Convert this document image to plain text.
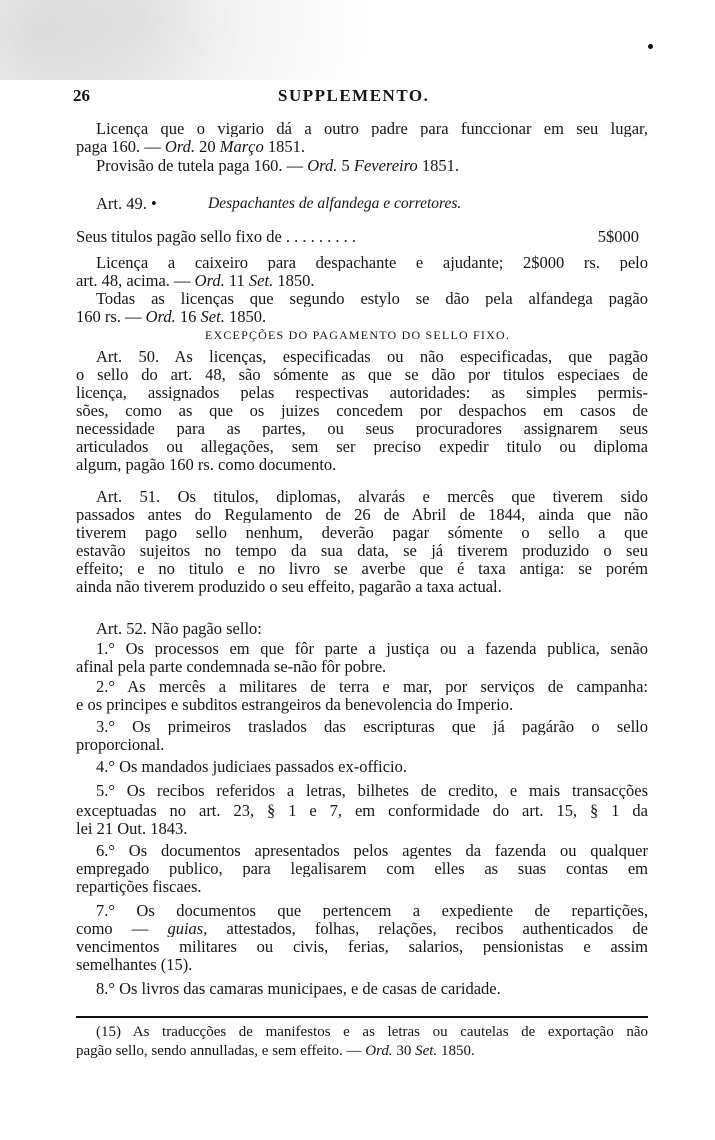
26	SUPPLEMENTO.
Art. 49. •	Despachantes de alfandega e corretores.
Seus titulos pagão sello fixo de . . . . . . . . .	5$000
EXCEPÇÕES DO PAGAMENTO DO SELLO FIXO.
Licença que o vigario dá a outro padre para funccionar em seu lugar,
paga 160. — Ord. 20 Março 1851.
Provisão de tutela paga 160. — Ord. 5 Fevereiro 1851.
Licença a caixeiro para despachante e ajudante; 2$000 rs. pelo
art. 48, acima. — Ord. 11 Set. 1850.
Todas as licenças que segundo estylo se dão pela alfandega pagão
160 rs. — Ord. 16 Set. 1850.
Art. 50. As licenças, especificadas ou não especificadas, que pagão
o sello do art. 48, são sómente as que se dão por titulos especiaes de
licença, assignados pelas respectivas autoridades: as simples permis-
sões, como as que os juizes concedem por despachos em casos de
necessidade para as partes, ou seus procuradores assignarem seus
articulados ou allegações, sem ser preciso expedir titulo ou diploma
algum, pagão 160 rs. como documento.
Art. 51. Os titulos, diplomas, alvarás e mercês que tiverem sido
passados antes do Regulamento de 26 de Abril de 1844, ainda que não
tiverem pago sello nenhum, deverão pagar sómente o sello a que
estavão sujeitos no tempo da sua data, se já tiverem produzido o seu
effeito; e no titulo e no livro se averbe que é taxa antiga: se porém
ainda não tiverem produzido o seu effeito, pagarão a taxa actual.
Art. 52. Não pagão sello:
1.° Os processos em que fôr parte a justiça ou a fazenda publica, senão
afinal pela parte condemnada se-não fôr pobre.
2.° As mercês a militares de terra e mar, por serviços de campanha:
e os principes e subditos estrangeiros da benevolencia do Imperio.
3.° Os primeiros traslados das escripturas que já pagárão o sello
proporcional.
4.° Os mandados judiciaes passados ex-officio.
5.° Os recibos referidos a letras, bilhetes de credito, e mais transacções
exceptuadas no art. 23, § 1 e 7, em conformidade do art. 15, § 1 da
lei 21 Out. 1843.
6.° Os documentos apresentados pelos agentes da fazenda ou qualquer
empregado publico, para legalisarem com elles as suas contas em
repartições fiscaes.
7.° Os documentos que pertencem a expediente de repartições,
como — guias, attestados, folhas, relações, recibos authenticados de
vencimentos militares ou civis, ferias, salarios, pensionistas e assim
semelhantes (15).
8.° Os livros das camaras municipaes, e de casas de caridade.
(15) As traducções de manifestos e as letras ou cautelas de exportação não
pagão sello, sendo annulladas, e sem effeito. — Ord. 30 Set. 1850.
